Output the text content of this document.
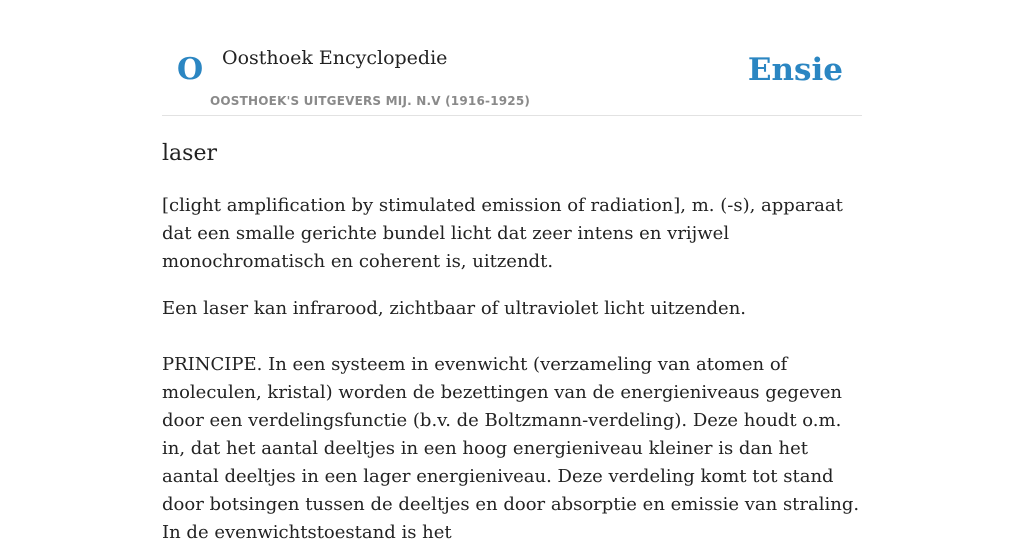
O Oosthoek Encyclopedie
OOSTHOEK'S UITGEVERS MIJ. N.V (1916-1925)
Ensie
laser

[clight amplification by stimulated emission of radiation], m. (-s), apparaat dat een smalle gerichte bundel licht dat zeer intens en vrijwel monochromatisch en coherent is, uitzendt.

Een laser kan infrarood, zichtbaar of ultraviolet licht uitzenden.

PRINCIPE. In een systeem in evenwicht (verzameling van atomen of moleculen, kristal) worden de bezettingen van de energieniveaus gegeven door een verdelingsfunctie (b.v. de Boltzmann-verdeling). Deze houdt o.m. in, dat het aantal deeltjes in een hoog energieniveau kleiner is dan het aantal deeltjes in een lager energieniveau. Deze verdeling komt tot stand door botsingen tussen de deeltjes en door absorptie en emissie van straling. In de evenwichtstoestand is het
